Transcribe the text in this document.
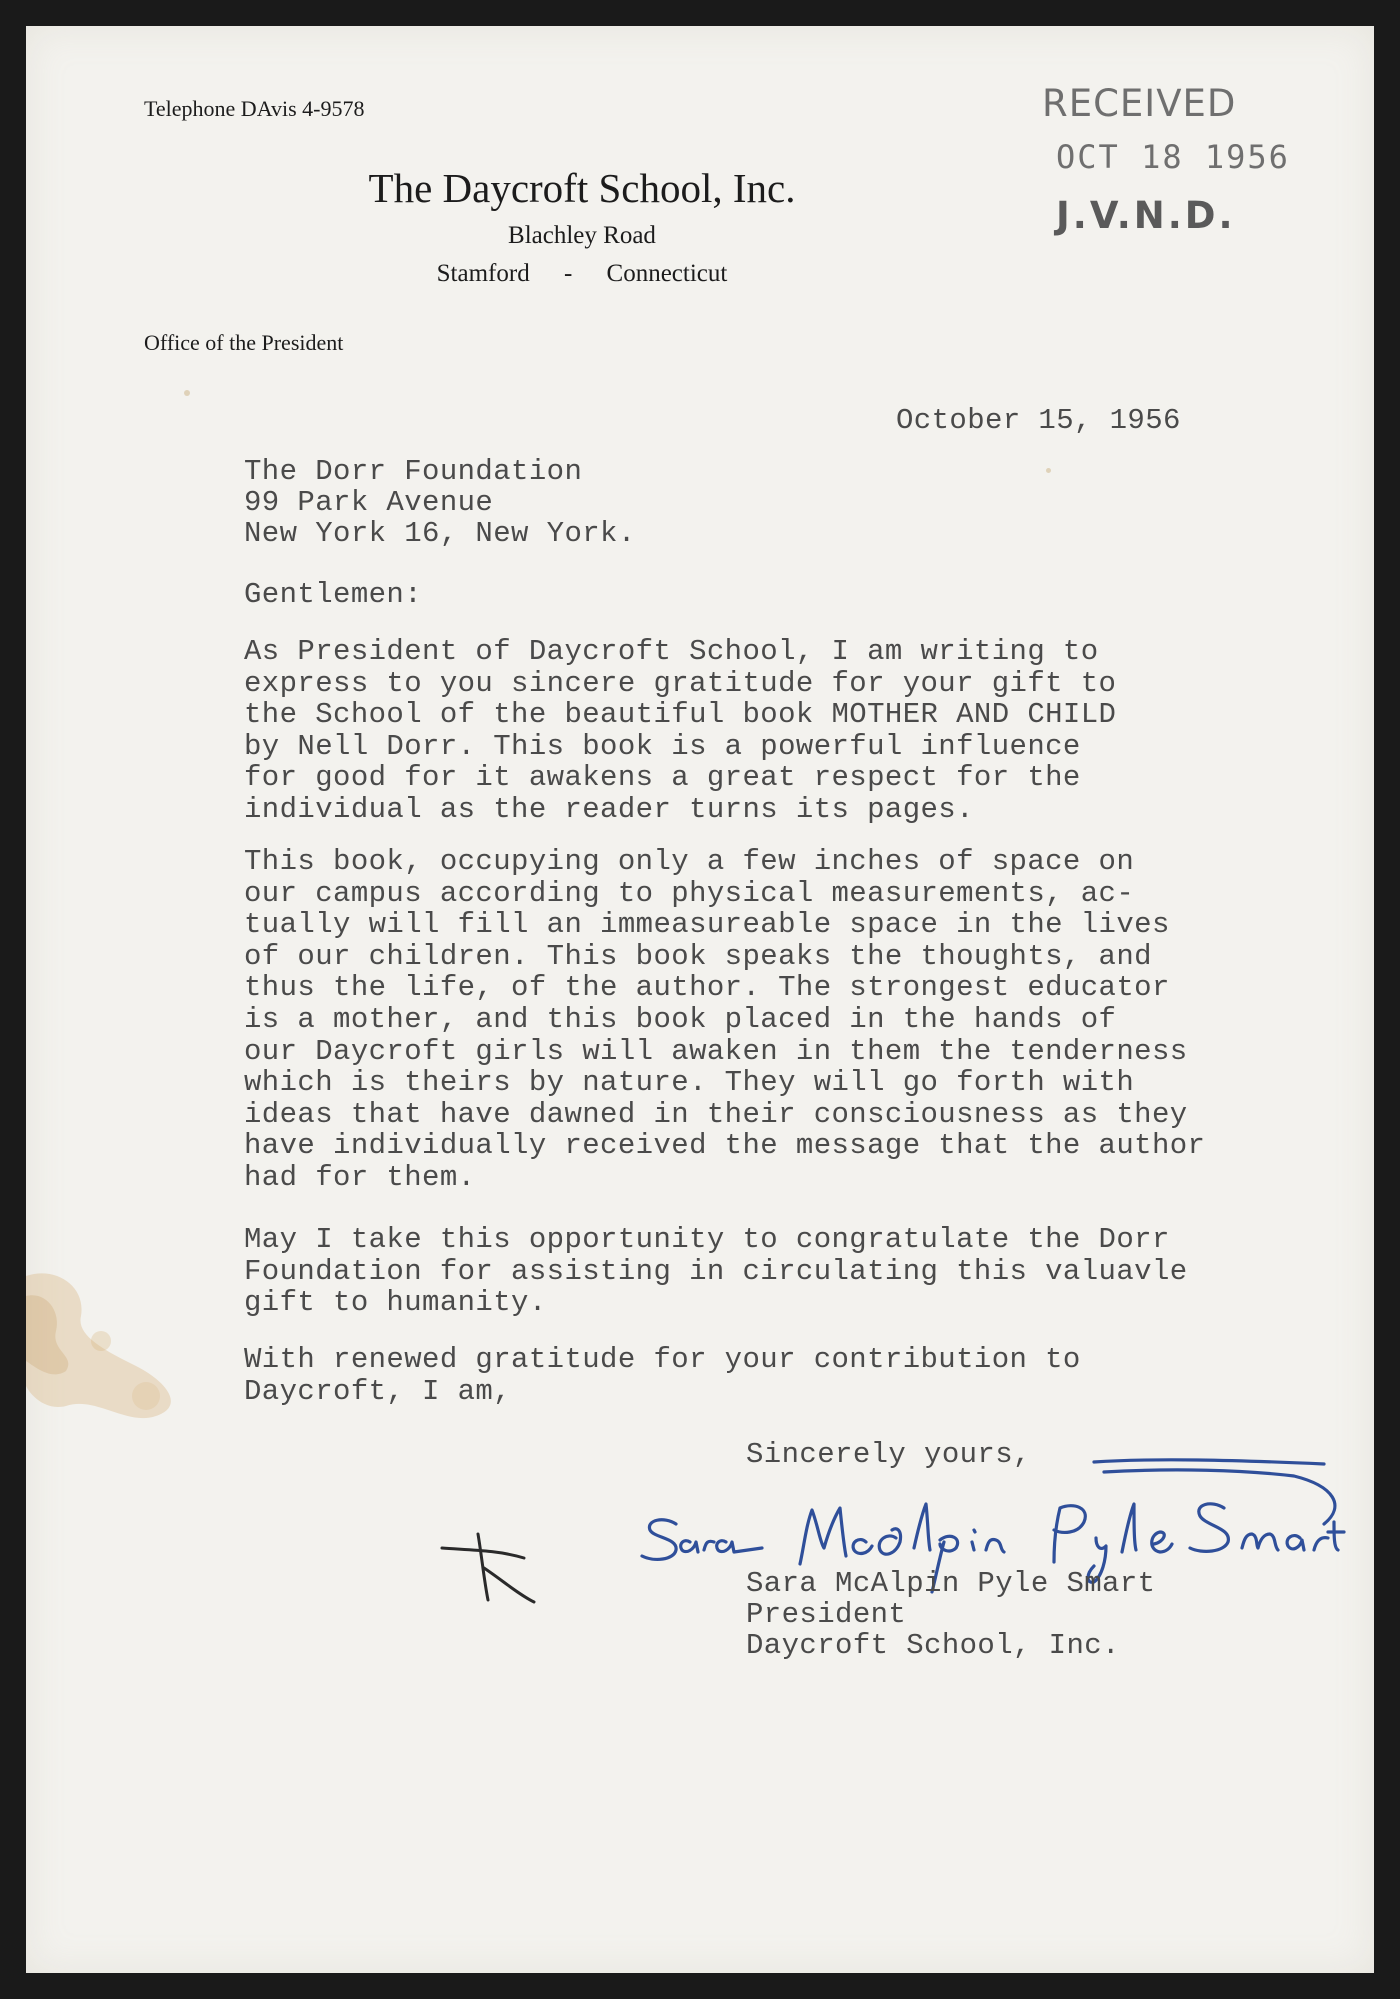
Telephone DAvis 4-9578
The Daycroft School, Inc.
Blachley Road
Stamford - Connecticut
Office of the President
RECEIVED
OCT 18 1956
J.V.N.D.
October 15, 1956
The Dorr Foundation
99 Park Avenue
New York 16, New York.
Gentlemen:
As President of Daycroft School, I am writing to
express to you sincere gratitude for your gift to
the School of the beautiful book MOTHER AND CHILD
by Nell Dorr. This book is a powerful influence
for good for it awakens a great respect for the
individual as the reader turns its pages.
This book, occupying only a few inches of space on
our campus according to physical measurements, ac-
tually will fill an immeasureable space in the lives
of our children. This book speaks the thoughts, and
thus the life, of the author. The strongest educator
is a mother, and this book placed in the hands of
our Daycroft girls will awaken in them the tenderness
which is theirs by nature. They will go forth with
ideas that have dawned in their consciousness as they
have individually received the message that the author
had for them.
May I take this opportunity to congratulate the Dorr
Foundation for assisting in circulating this valuavle
gift to humanity.
With renewed gratitude for your contribution to
Daycroft, I am,
Sincerely yours,
Sara McAlpin Pyle Smart
President
Daycroft School, Inc.
